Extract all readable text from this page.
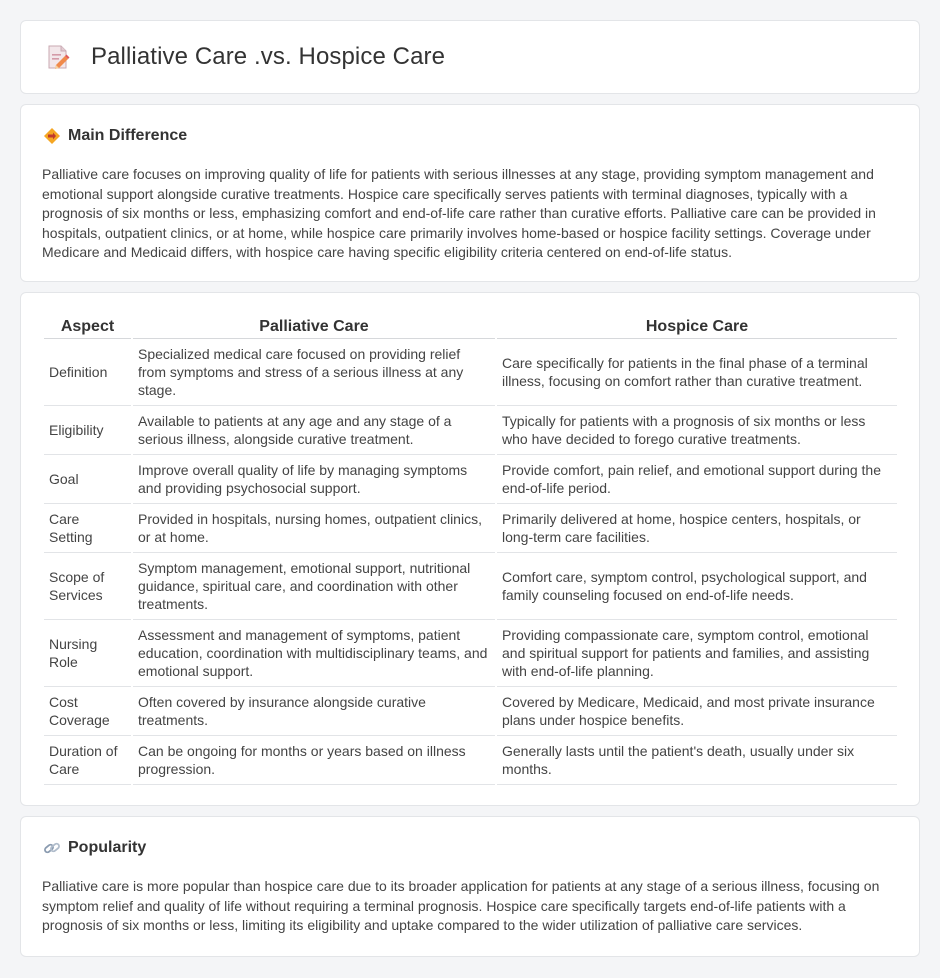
Palliative Care .vs. Hospice Care
Main Difference

Palliative care focuses on improving quality of life for patients with serious illnesses at any stage, providing symptom management and emotional support alongside curative treatments. Hospice care specifically serves patients with terminal diagnoses, typically with a prognosis of six months or less, emphasizing comfort and end-of-life care rather than curative efforts. Palliative care can be provided in hospitals, outpatient clinics, or at home, while hospice care primarily involves home-based or hospice facility settings. Coverage under Medicare and Medicaid differs, with hospice care having specific eligibility criteria centered on end-of-life status.

Aspect	Palliative Care	Hospice Care
Definition	Specialized medical care focused on providing relief from symptoms and stress of a serious illness at any stage.	Care specifically for patients in the final phase of a terminal illness, focusing on comfort rather than curative treatment.
Eligibility	Available to patients at any age and any stage of a serious illness, alongside curative treatment.	Typically for patients with a prognosis of six months or less who have decided to forego curative treatments.
Goal	Improve overall quality of life by managing symptoms and providing psychosocial support.	Provide comfort, pain relief, and emotional support during the end-of-life period.
Care Setting	Provided in hospitals, nursing homes, outpatient clinics, or at home.	Primarily delivered at home, hospice centers, hospitals, or long-term care facilities.
Scope of Services	Symptom management, emotional support, nutritional guidance, spiritual care, and coordination with other treatments.	Comfort care, symptom control, psychological support, and family counseling focused on end-of-life needs.
Nursing Role	Assessment and management of symptoms, patient education, coordination with multidisciplinary teams, and emotional support.	Providing compassionate care, symptom control, emotional and spiritual support for patients and families, and assisting with end-of-life planning.
Cost Coverage	Often covered by insurance alongside curative treatments.	Covered by Medicare, Medicaid, and most private insurance plans under hospice benefits.
Duration of Care	Can be ongoing for months or years based on illness progression.	Generally lasts until the patient's death, usually under six months.
Popularity

Palliative care is more popular than hospice care due to its broader application for patients at any stage of a serious illness, focusing on symptom relief and quality of life without requiring a terminal prognosis. Hospice care specifically targets end-of-life patients with a prognosis of six months or less, limiting its eligibility and uptake compared to the wider utilization of palliative care services.
